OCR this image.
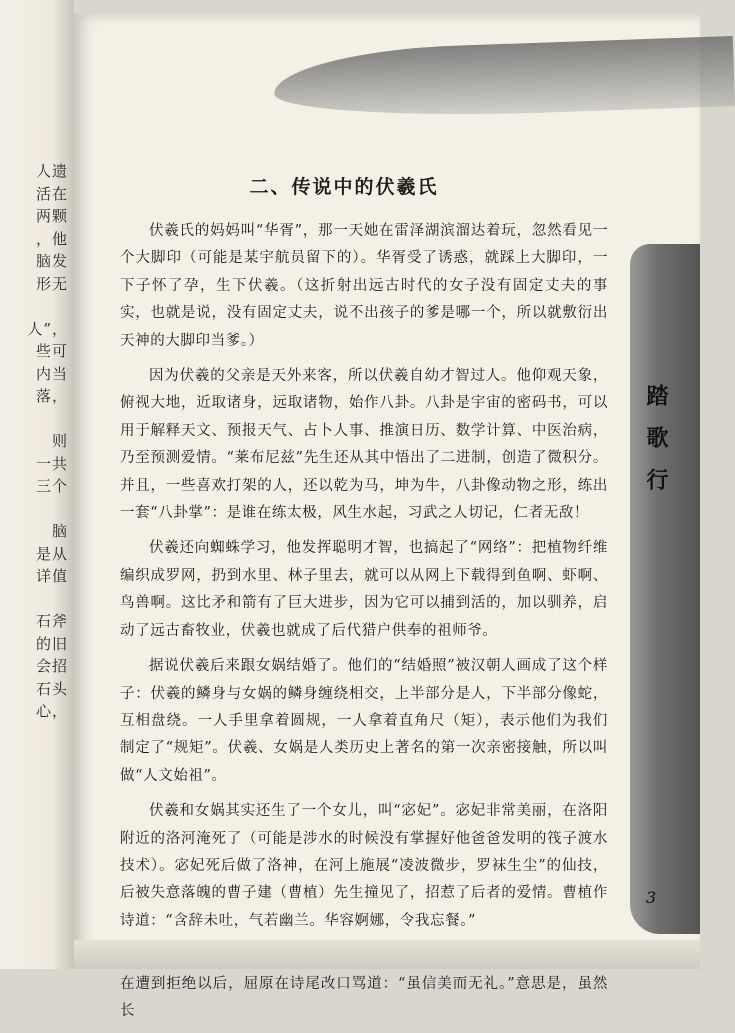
人遗
活在
两颗
，他
脑发
形无
人”，
些可
内当
落，
则
一共
三个
脑
是从
详值
石斧
的旧
会招
石头
心，
踏歌行
二、传说中的伏羲氏

伏羲氏的妈妈叫“华胥”，那一天她在雷泽湖滨溜达着玩，忽然看见一个大脚印（可能是某宇航员留下的）。华胥受了诱惑，就踩上大脚印，一下子怀了孕，生下伏羲。（这折射出远古时代的女子没有固定丈夫的事实，也就是说，没有固定丈夫，说不出孩子的爹是哪一个，所以就敷衍出天神的大脚印当爹。）

因为伏羲的父亲是天外来客，所以伏羲自幼才智过人。他仰观天象，俯视大地，近取诸身，远取诸物，始作八卦。八卦是宇宙的密码书，可以用于解释天文、预报天气、占卜人事、推演日历、数学计算、中医治病，乃至预测爱情。“莱布尼兹”先生还从其中悟出了二进制，创造了微积分。并且，一些喜欢打架的人，还以乾为马，坤为牛，八卦像动物之形，练出一套“八卦掌”：是谁在练太极，风生水起，习武之人切记，仁者无敌！

伏羲还向蜘蛛学习，他发挥聪明才智，也搞起了“网络”：把植物纤维编织成罗网，扔到水里、林子里去，就可以从网上下载得到鱼啊、虾啊、鸟兽啊。这比矛和箭有了巨大进步，因为它可以捕到活的，加以驯养，启动了远古畜牧业，伏羲也就成了后代猎户供奉的祖师爷。

据说伏羲后来跟女娲结婚了。他们的“结婚照”被汉朝人画成了这个样子：伏羲的鳞身与女娲的鳞身缠绕相交，上半部分是人，下半部分像蛇，互相盘绕。一人手里拿着圆规，一人拿着直角尺（矩），表示他们为我们制定了“规矩”。伏羲、女娲是人类历史上著名的第一次亲密接触，所以叫做“人文始祖”。

伏羲和女娲其实还生了一个女儿，叫“宓妃”。宓妃非常美丽，在洛阳附近的洛河淹死了（可能是涉水的时候没有掌握好他爸爸发明的筏子渡水技术）。宓妃死后做了洛神，在河上施展“凌波微步，罗袜生尘”的仙技，后被失意落魄的曹子建（曹植）先生撞见了，招惹了后者的爱情。曹植作诗道：“含辞未吐，气若幽兰。华容婀娜，令我忘餐。”

在遭到拒绝以后，屈原在诗尾改口骂道：“虽信美而无礼。”意思是，虽然长

3
